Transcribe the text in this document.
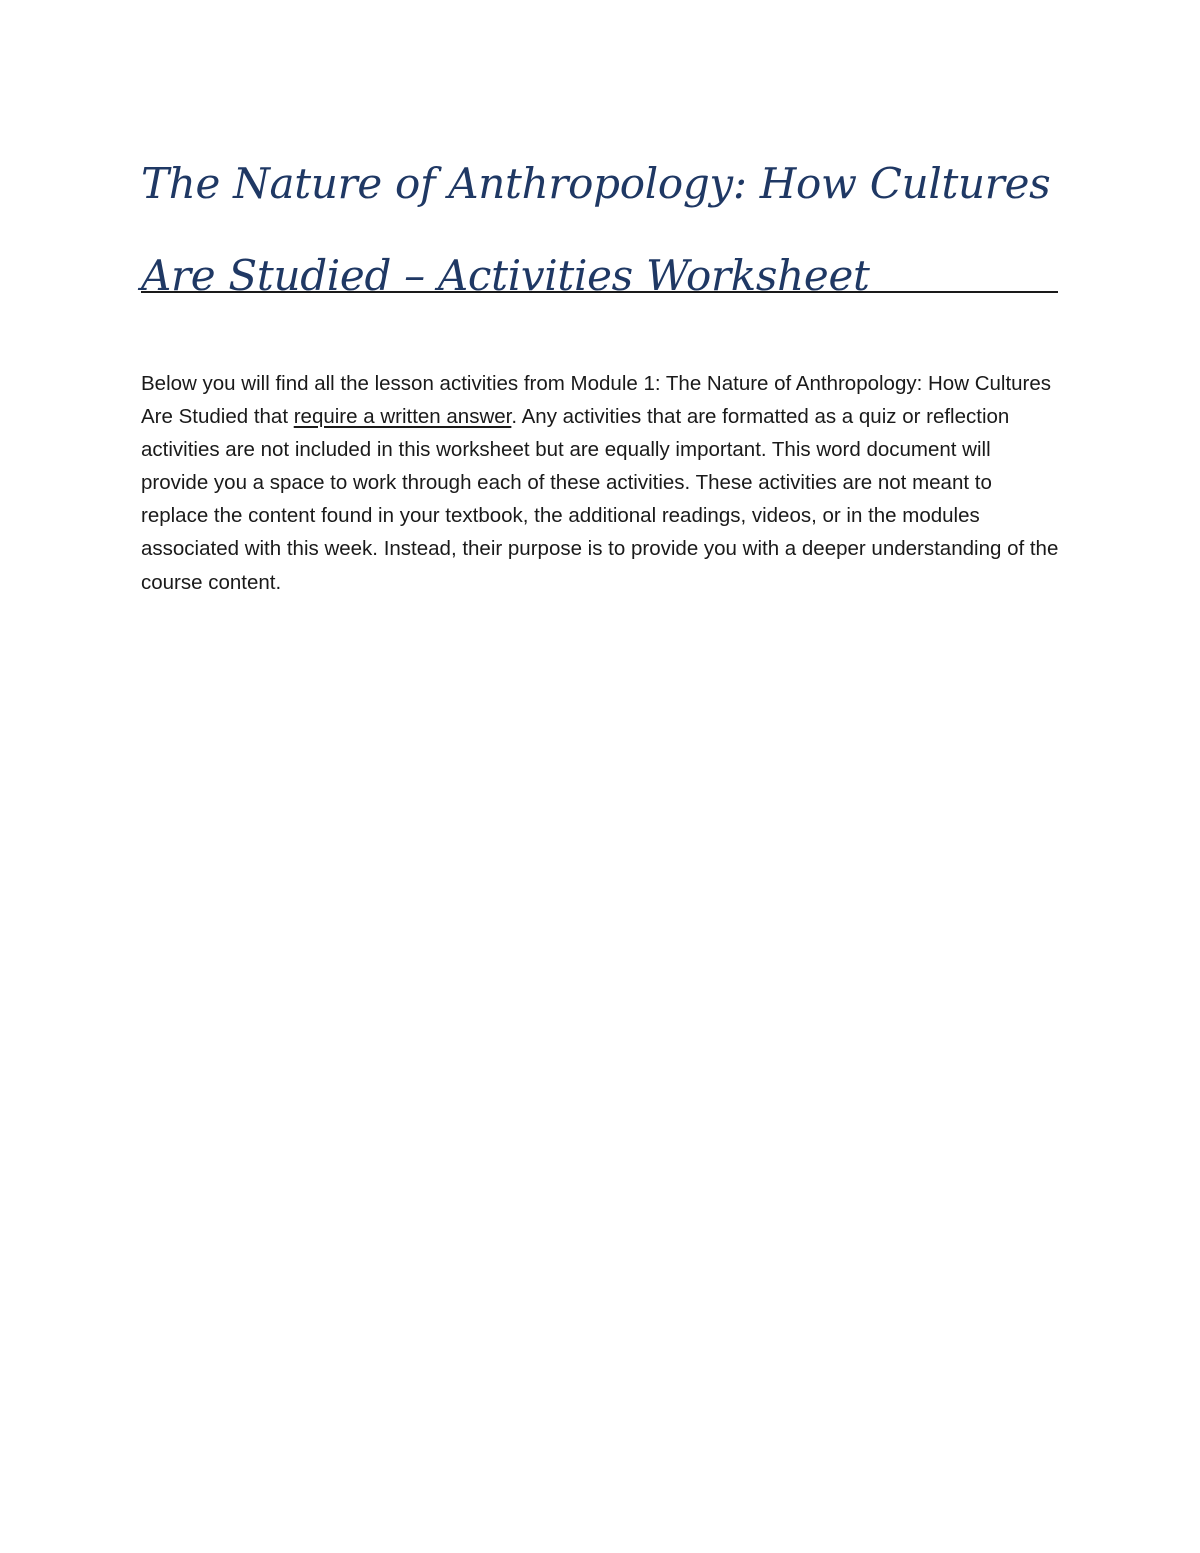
The Nature of Anthropology: How Cultures

Are Studied – Activities Worksheet

Below you will find all the lesson activities from Module 1: The Nature of Anthropology: How Cultures Are Studied that require a written answer. Any activities that are formatted as a quiz or reflection activities are not included in this worksheet but are equally important. This word document will provide you a space to work through each of these activities. These activities are not meant to replace the content found in your textbook, the additional readings, videos, or in the modules associated with this week. Instead, their purpose is to provide you with a deeper understanding of the course content.
